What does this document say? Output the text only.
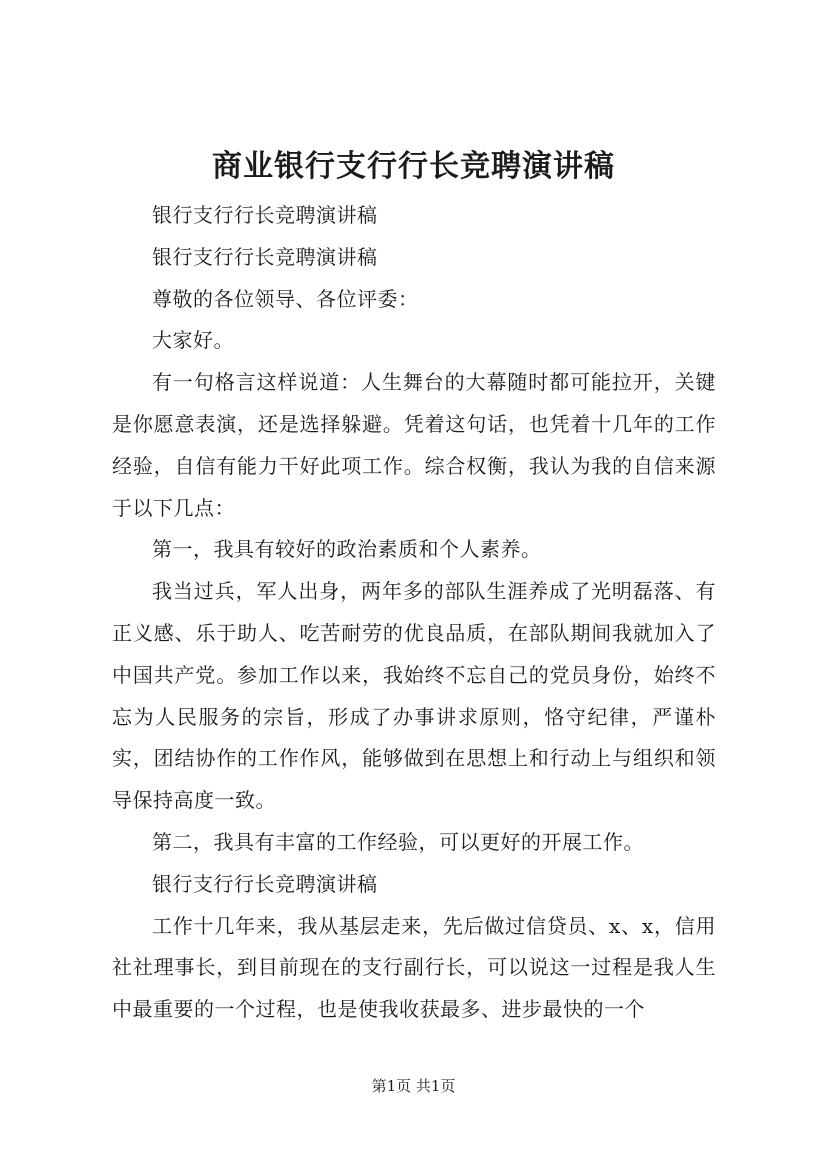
商业银行支行行长竞聘演讲稿

银行支行行长竞聘演讲稿

银行支行行长竞聘演讲稿

尊敬的各位领导、各位评委：

大家好。

有一句格言这样说道：人生舞台的大幕随时都可能拉开，关键是你愿意表演，还是选择躲避。凭着这句话，也凭着十几年的工作经验，自信有能力干好此项工作。综合权衡，我认为我的自信来源于以下几点：

第一，我具有较好的政治素质和个人素养。

我当过兵，军人出身，两年多的部队生涯养成了光明磊落、有正义感、乐于助人、吃苦耐劳的优良品质，在部队期间我就加入了中国共产党。参加工作以来，我始终不忘自己的党员身份，始终不忘为人民服务的宗旨，形成了办事讲求原则，恪守纪律，严谨朴实，团结协作的工作作风，能够做到在思想上和行动上与组织和领导保持高度一致。

第二，我具有丰富的工作经验，可以更好的开展工作。

银行支行行长竞聘演讲稿

工作十几年来，我从基层走来，先后做过信贷员、x、x，信用社社理事长，到目前现在的支行副行长，可以说这一过程是我人生中最重要的一个过程，也是使我收获最多、进步最快的一个

第1页 共1页
